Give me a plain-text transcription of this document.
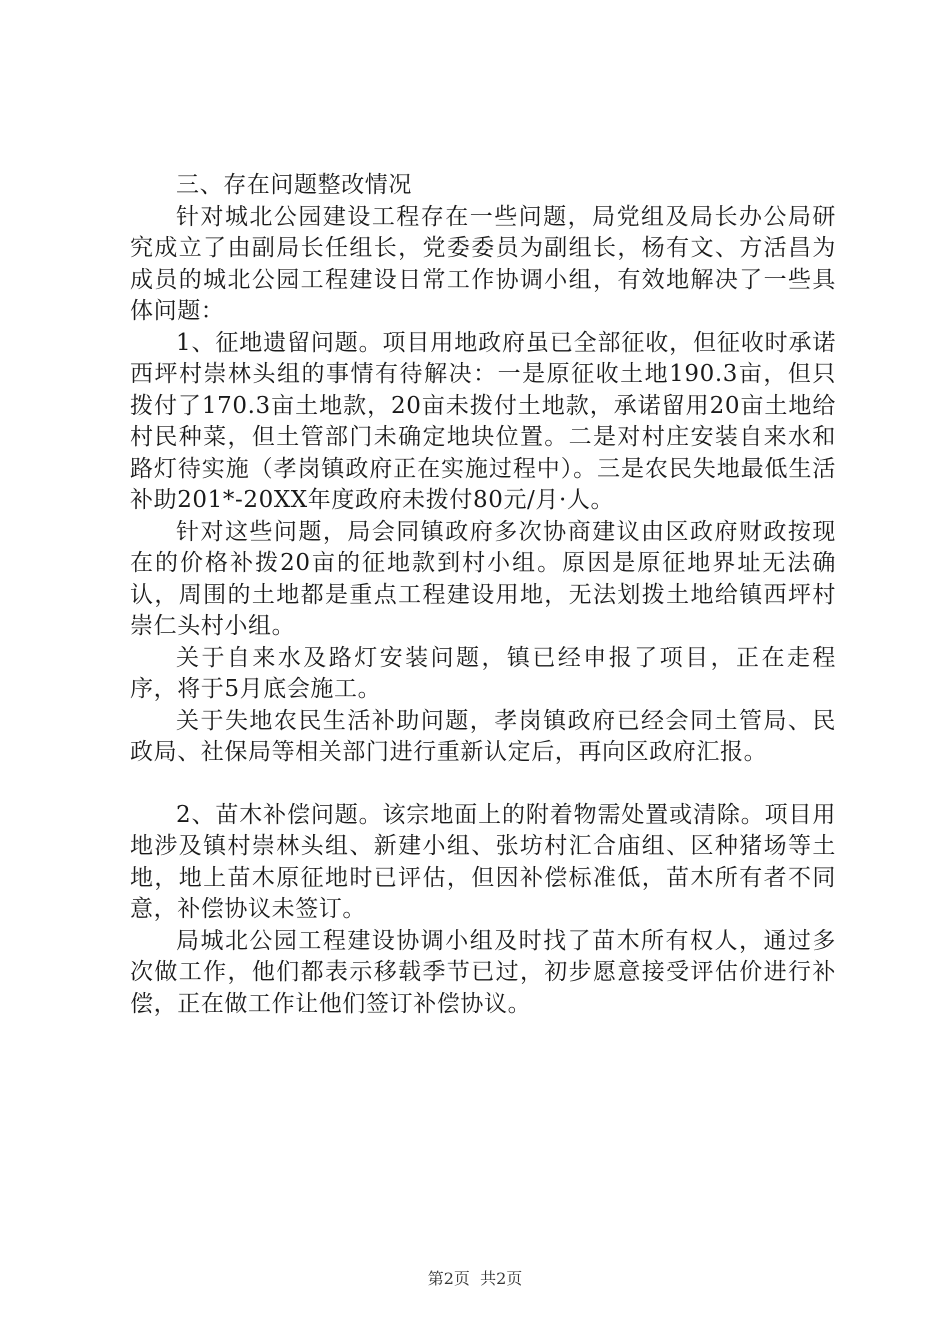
三、存在问题整改情况

针对城北公园建设工程存在一些问题，局党组及局长办公局研究成立了由副局长任组长，党委委员为副组长，杨有文、方活昌为成员的城北公园工程建设日常工作协调小组，有效地解决了一些具体问题：

1、征地遗留问题。项目用地政府虽已全部征收，但征收时承诺西坪村崇林头组的事情有待解决：一是原征收土地190.3亩，但只拨付了170.3亩土地款，20亩未拨付土地款，承诺留用20亩土地给村民种菜，但土管部门未确定地块位置。二是对村庄安装自来水和路灯待实施（孝岗镇政府正在实施过程中）。三是农民失地最低生活补助201*-20XX年度政府未拨付80元/月·人。

针对这些问题，局会同镇政府多次协商建议由区政府财政按现在的价格补拨20亩的征地款到村小组。原因是原征地界址无法确认，周围的土地都是重点工程建设用地，无法划拨土地给镇西坪村崇仁头村小组。

关于自来水及路灯安装问题，镇已经申报了项目，正在走程序，将于5月底会施工。

关于失地农民生活补助问题，孝岗镇政府已经会同土管局、民政局、社保局等相关部门进行重新认定后，再向区政府汇报。

2、苗木补偿问题。该宗地面上的附着物需处置或清除。项目用地涉及镇村崇林头组、新建小组、张坊村汇合庙组、区种猪场等土地，地上苗木原征地时已评估，但因补偿标准低，苗木所有者不同意，补偿协议未签订。

局城北公园工程建设协调小组及时找了苗木所有权人，通过多次做工作，他们都表示移载季节已过，初步愿意接受评估价进行补偿，正在做工作让他们签订补偿协议。

第2页 共2页
